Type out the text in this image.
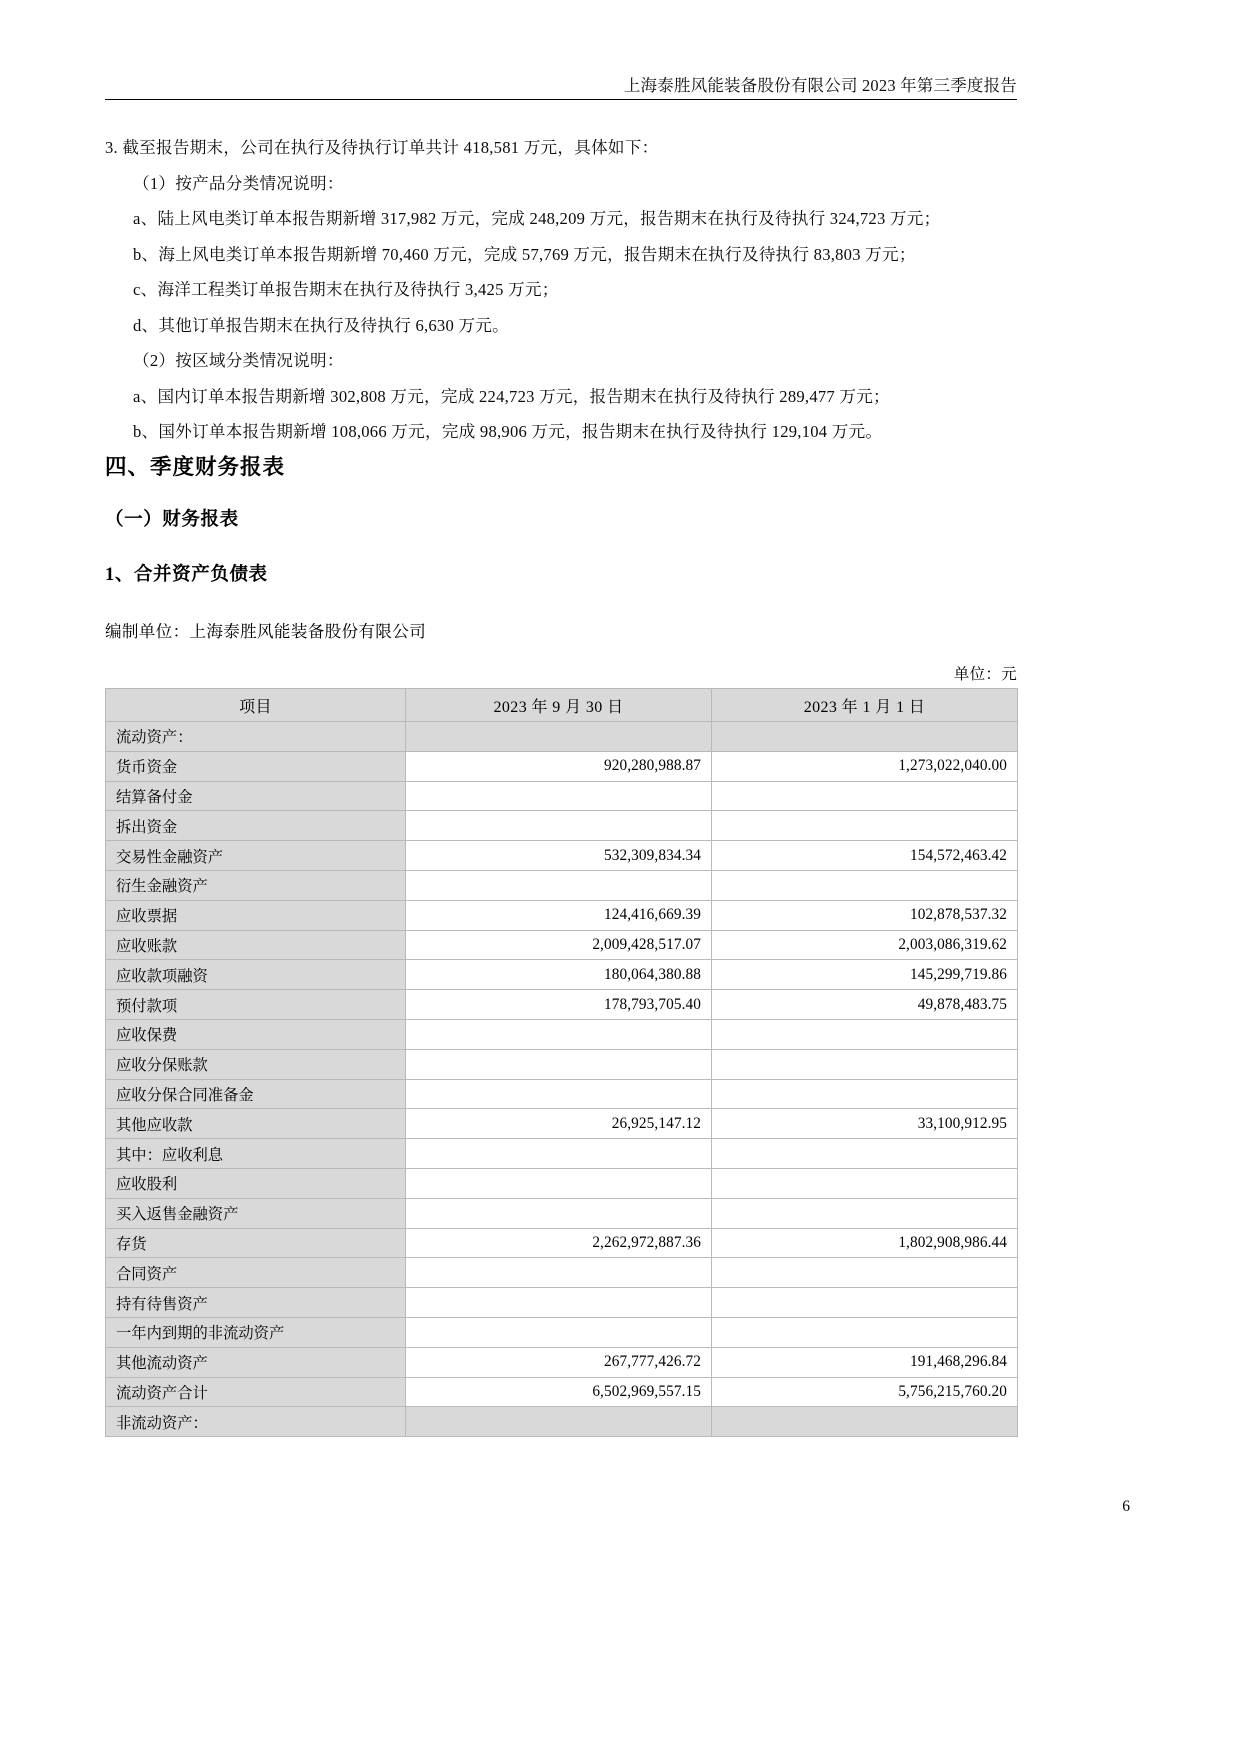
上海泰胜风能装备股份有限公司 2023 年第三季度报告

3. 截至报告期末，公司在执行及待执行订单共计 418,581 万元，具体如下：

（1）按产品分类情况说明：

a、陆上风电类订单本报告期新增 317,982 万元，完成 248,209 万元，报告期末在执行及待执行 324,723 万元；

b、海上风电类订单本报告期新增 70,460 万元，完成 57,769 万元，报告期末在执行及待执行 83,803 万元；

c、海洋工程类订单报告期末在执行及待执行 3,425 万元；

d、其他订单报告期末在执行及待执行 6,630 万元。

（2）按区域分类情况说明：

a、国内订单本报告期新增 302,808 万元，完成 224,723 万元，报告期末在执行及待执行 289,477 万元；

b、国外订单本报告期新增 108,066 万元，完成 98,906 万元，报告期末在执行及待执行 129,104 万元。

四、季度财务报表
（一）财务报表
1、合并资产负债表
编制单位：上海泰胜风能装备股份有限公司
单位：元
项目	2023 年 9 月 30 日	2023 年 1 月 1 日
流动资产：		
货币资金	920,280,988.87	1,273,022,040.00
结算备付金		
拆出资金		
交易性金融资产	532,309,834.34	154,572,463.42
衍生金融资产		
应收票据	124,416,669.39	102,878,537.32
应收账款	2,009,428,517.07	2,003,086,319.62
应收款项融资	180,064,380.88	145,299,719.86
预付款项	178,793,705.40	49,878,483.75
应收保费		
应收分保账款		
应收分保合同准备金		
其他应收款	26,925,147.12	33,100,912.95
其中：应收利息		
应收股利		
买入返售金融资产		
存货	2,262,972,887.36	1,802,908,986.44
合同资产		
持有待售资产		
一年内到期的非流动资产		
其他流动资产	267,777,426.72	191,468,296.84
流动资产合计	6,502,969,557.15	5,756,215,760.20
非流动资产：		
6
